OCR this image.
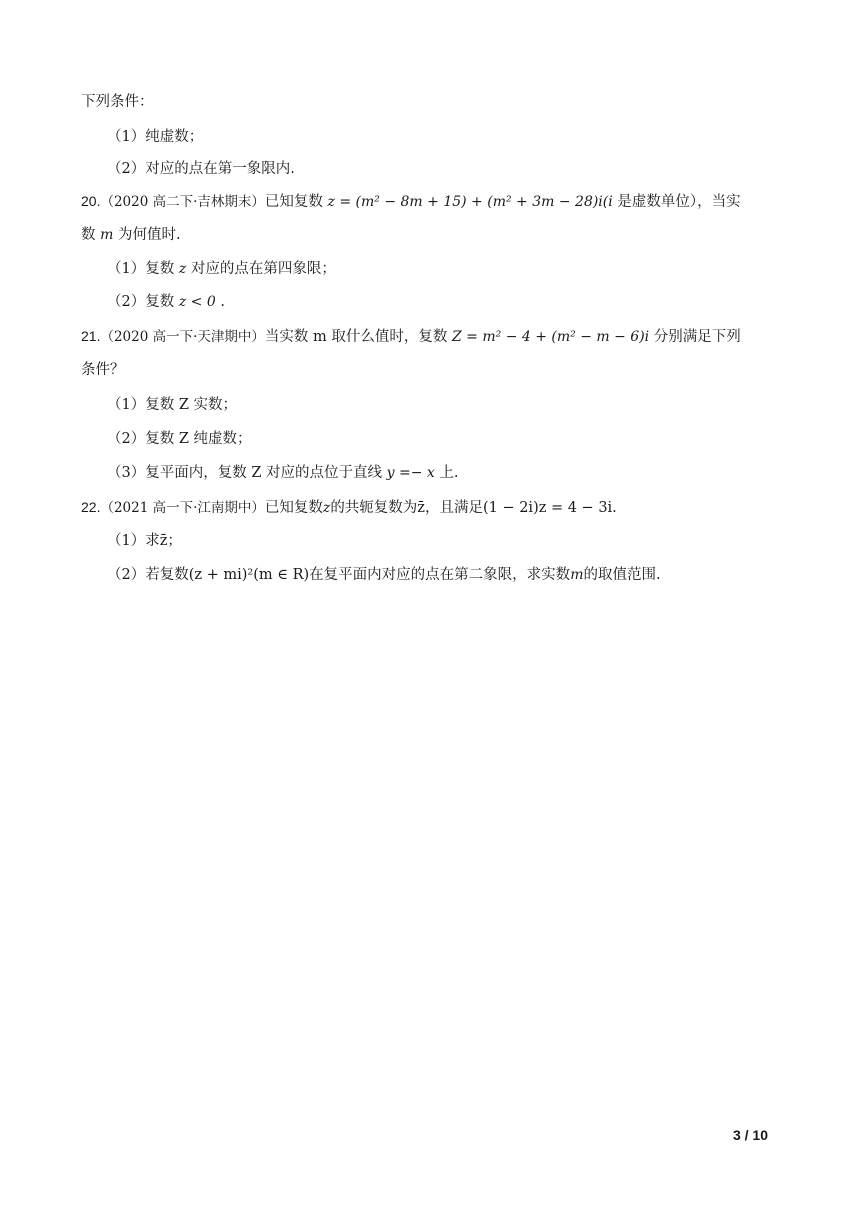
下列条件：
（1）纯虚数；
（2）对应的点在第一象限内.
20.（2020 高二下·吉林期末）已知复数 z = (m² − 8m + 15) + (m² + 3m − 28)i(i 是虚数单位），当实
数 m 为何值时.
（1）复数 z 对应的点在第四象限；
（2）复数 z < 0 .
21.（2020 高一下·天津期中）当实数 m 取什么值时，复数 Z = m² − 4 + (m² − m − 6)i 分别满足下列
条件？
（1）复数 Z 实数；
（2）复数 Z 纯虚数；
（3）复平面内，复数 Z 对应的点位于直线 y =− x 上.
22.（2021 高一下·江南期中）已知复数z的共轭复数为z̄，且满足(1 − 2i)z = 4 − 3i.
（1）求z̄；
（2）若复数(z + mi)²(m ∈ R)在复平面内对应的点在第二象限，求实数m的取值范围.
3 / 10
